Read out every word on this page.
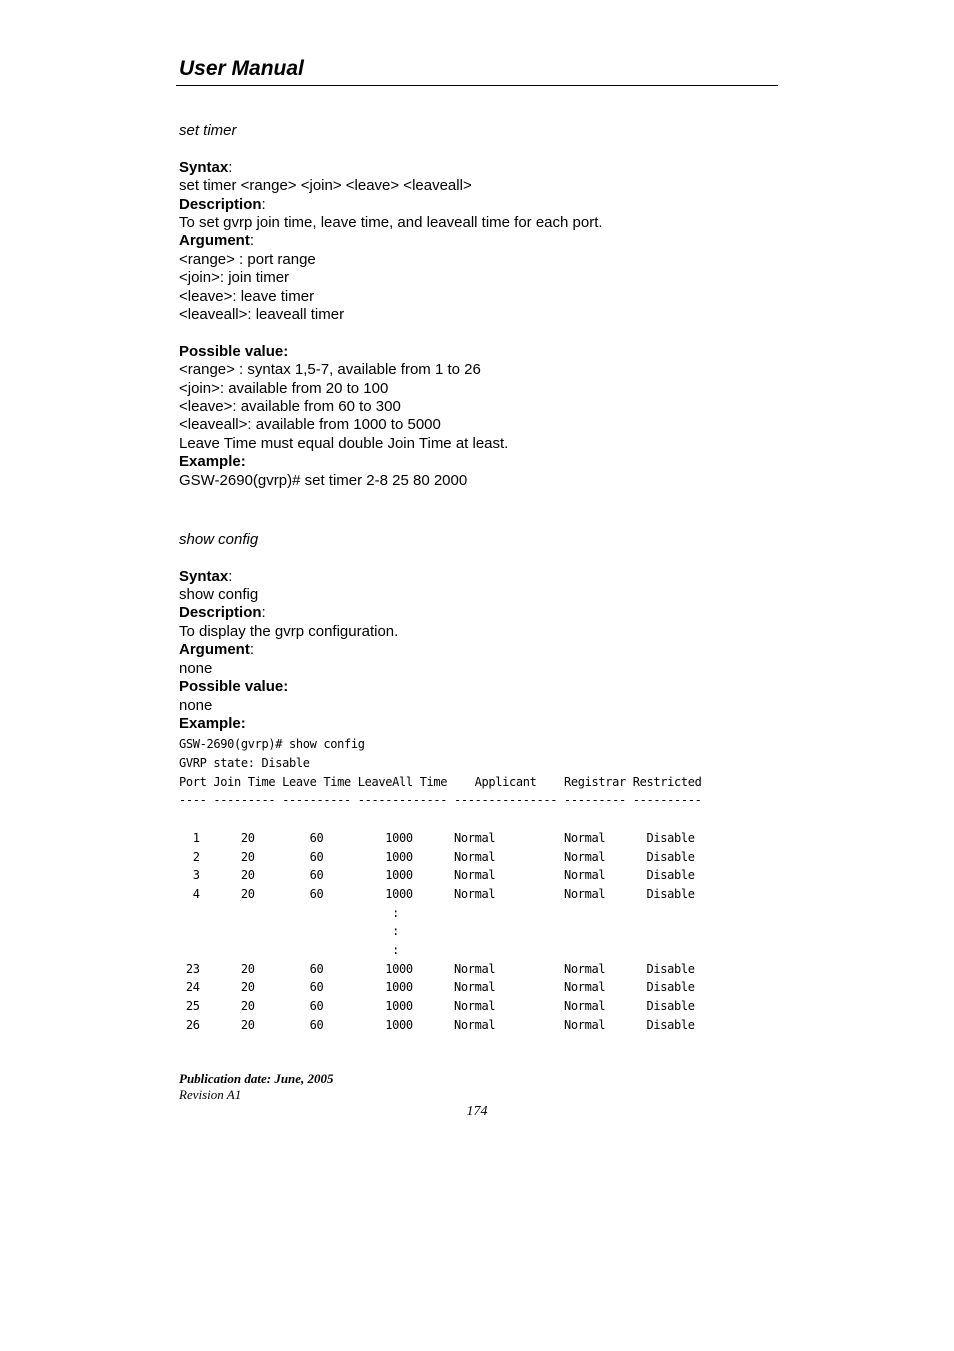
User Manual

set timer

Syntax:

set timer <range> <join> <leave> <leaveall>

Description:

To set gvrp join time, leave time, and leaveall time for each port.

Argument:

<range> : port range

<join>: join timer

<leave>: leave timer

<leaveall>: leaveall timer

Possible value:

<range> : syntax 1,5-7, available from 1 to 26

<join>: available from 20 to 100

<leave>: available from 60 to 300

<leaveall>: available from 1000 to 5000

Leave Time must equal double Join Time at least.

Example:

GSW-2690(gvrp)# set timer 2-8 25 80 2000

show config

Syntax:

show config

Description:

To display the gvrp configuration.

Argument:

none

Possible value:

none

Example:

GSW-2690(gvrp)# show config

GVRP state: Disable

Port Join Time Leave Time LeaveAll Time    Applicant    Registrar Restricted

---- --------- ---------- ------------- --------------- --------- ----------

1      20        60         1000      Normal          Normal      Disable

2      20        60         1000      Normal          Normal      Disable

3      20        60         1000      Normal          Normal      Disable

4      20        60         1000      Normal          Normal      Disable

:

:

:

23      20        60         1000      Normal          Normal      Disable

24      20        60         1000      Normal          Normal      Disable

25      20        60         1000      Normal          Normal      Disable

26      20        60         1000      Normal          Normal      Disable

Publication date: June, 2005
Revision A1
174
